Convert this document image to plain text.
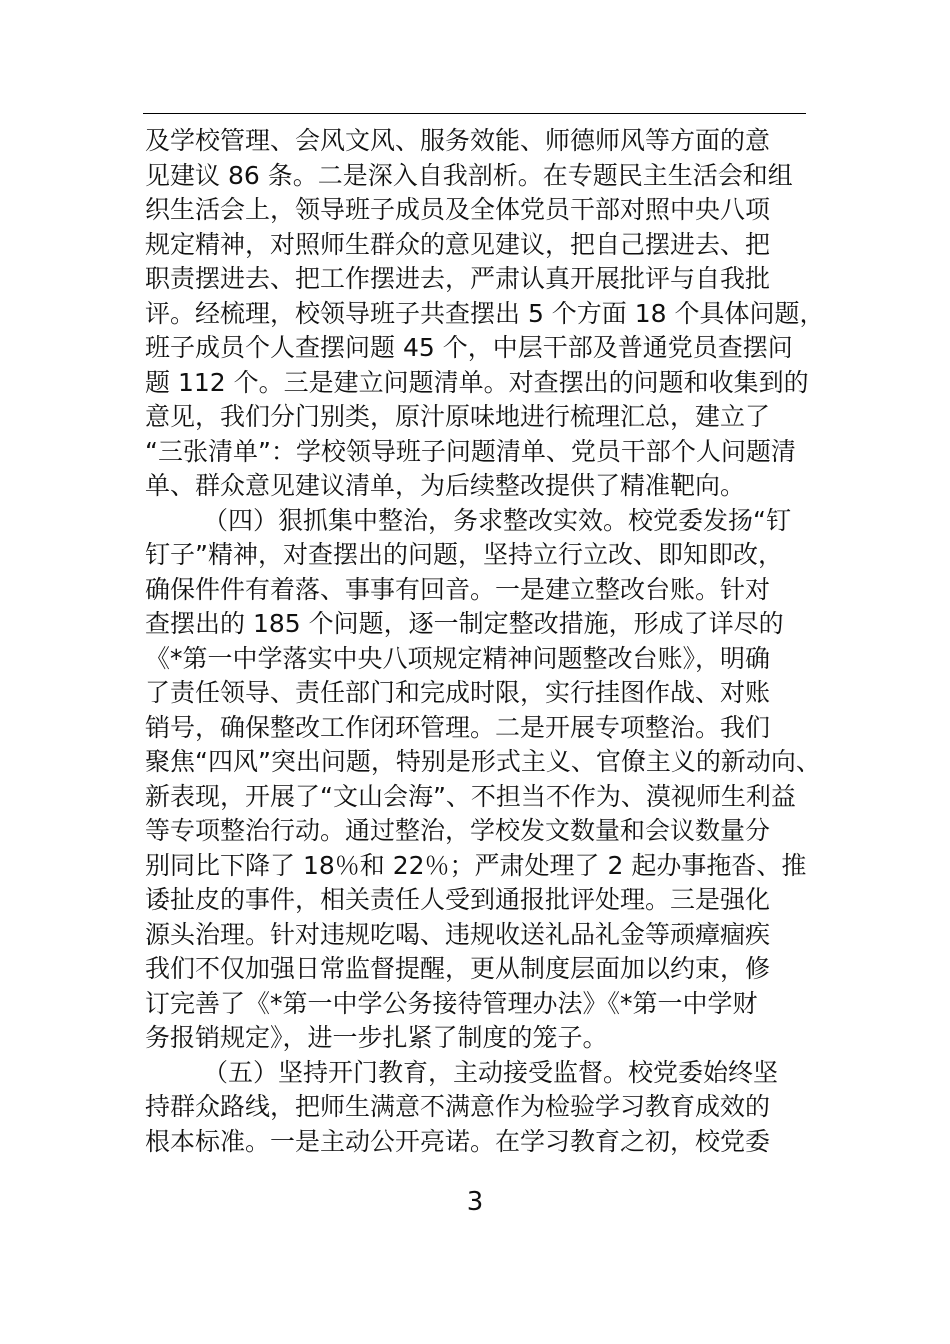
及学校管理、会风文风、服务效能、师德师风等方面的意
见建议 86 条。二是深入自我剖析。在专题民主生活会和组
织生活会上，领导班子成员及全体党员干部对照中央八项
规定精神，对照师生群众的意见建议，把自己摆进去、把
职责摆进去、把工作摆进去，严肃认真开展批评与自我批
评。经梳理，校领导班子共查摆出 5 个方面 18 个具体问题，
班子成员个人查摆问题 45 个，中层干部及普通党员查摆问
题 112 个。三是建立问题清单。对查摆出的问题和收集到的
意见，我们分门别类，原汁原味地进行梳理汇总，建立了
“三张清单”：学校领导班子问题清单、党员干部个人问题清
单、群众意见建议清单，为后续整改提供了精准靶向。
（四）狠抓集中整治，务求整改实效。校党委发扬“钉
钉子”精神，对查摆出的问题，坚持立行立改、即知即改，
确保件件有着落、事事有回音。一是建立整改台账。针对
查摆出的 185 个问题，逐一制定整改措施，形成了详尽的
《*第一中学落实中央八项规定精神问题整改台账》，明确
了责任领导、责任部门和完成时限，实行挂图作战、对账
销号，确保整改工作闭环管理。二是开展专项整治。我们
聚焦“四风”突出问题，特别是形式主义、官僚主义的新动向、
新表现，开展了“文山会海”、不担当不作为、漠视师生利益
等专项整治行动。通过整治，学校发文数量和会议数量分
别同比下降了 18％和 22％；严肃处理了 2 起办事拖沓、推
诿扯皮的事件，相关责任人受到通报批评处理。三是强化
源头治理。针对违规吃喝、违规收送礼品礼金等顽瘴痼疾
我们不仅加强日常监督提醒，更从制度层面加以约束，修
订完善了《*第一中学公务接待管理办法》《*第一中学财
务报销规定》，进一步扎紧了制度的笼子。
（五）坚持开门教育，主动接受监督。校党委始终坚
持群众路线，把师生满意不满意作为检验学习教育成效的
根本标准。一是主动公开亮诺。在学习教育之初，校党委
3
